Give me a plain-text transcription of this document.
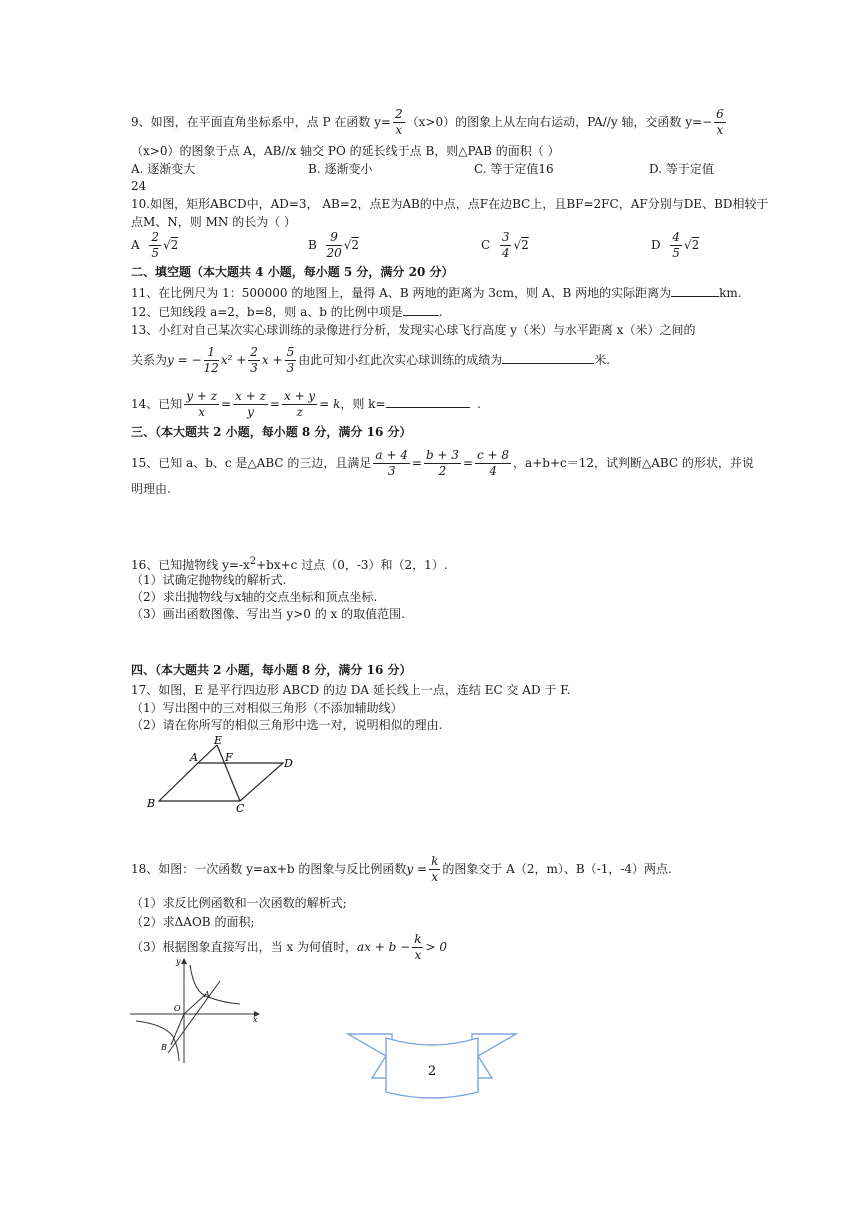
9、如图，在平面直角坐标系中，点 P 在函数 $y= \frac{2}{x} (x>0)$的图象上从左向右运动，PA//y 轴，交函数 $y=- \frac{6}{x}$
（x>0）的图象于点 A，AB//x 轴交 PO 的延长线于点 B，则△PAB 的面积（ ）
A. 逐渐变大	B. 逐渐变小	C. 等于定值16	D. 等于定值
24
10.如图，矩形ABCD中，AD=3， AB=2，点E为AB的中点，点F在边BC上，且BF=2FC，AF分别与DE、BD相较于
点M、N，则 MN 的长为（ ）
A $\frac{2}{5} √2$	B $\frac{9}{20} √2$	C $\frac{3}{4} √2$	D $\frac{4}{5} √2$
二、填空题（本大题共 4 小题，每小题 5 分，满分 20 分）
11、在比例尺为 1：500000 的地图上，量得 A、B 两地的距离为 3cm，则 A、B 两地的实际距离为	km.
12、已知线段 a=2，b=8，则 a、b 的比例中项是	.
13、小红对自己某次实心球训练的录像进行分析，发现实心球飞行高度 y（米）与水平距离 x（米）之间的
关系为y = − $\frac{1}{12} x^2 + \frac{2}{3}$ $x + \frac{5}{3}$ 由此可知小红此次实心球训练的成绩为	米.
14、已知 $\frac{y + z}{x} = \frac{x + z}{y} = \frac{x + y}{z} = k$，则 k=	.
三、（本大题共 2 小题，每小题 8 分，满分 16 分）
15、已知 a、b、c 是△ABC 的三边，且满足 $\frac{a + 4}{3} = \frac{b + 3}{2} = \frac{c + 8}{4}$ ，a+b+c＝12，试判断△ABC 的形状，并说
明理由.
16、已知抛物线 $y=-x^2+bx+c$ 过点（0，-3）和（2，1）.
（1）试确定抛物线的解析式.
（2）求出抛物线与x轴的交点坐标和顶点坐标.
（3）画出函数图像、写出当 y>0 的 x 的取值范围.
四、（本大题共 2 小题，每小题 8 分，满分 16 分）
17、如图，E 是平行四边形 ABCD 的边 DA 延长线上一点，连结 EC 交 AD 于 F.
（1）写出图中的三对相似三角形（不添加辅助线）
（2）请在你所写的相似三角形中选一对，说明相似的理由.
E
A F	D
B	C
18、如图：一次函数 y=ax+b 的图象与反比例函数$y = \frac{k}{x}$ 的图象交于 A（2，m）、B（-1，-4）两点.
（1）求反比例函数和一次函数的解析式;
（2）求ΔAOB 的面积;
（3）根据图象直接写出，当 x 为何值时，ax + $b - \frac{k}{x} > 0$
y
x
O
A
B
2
